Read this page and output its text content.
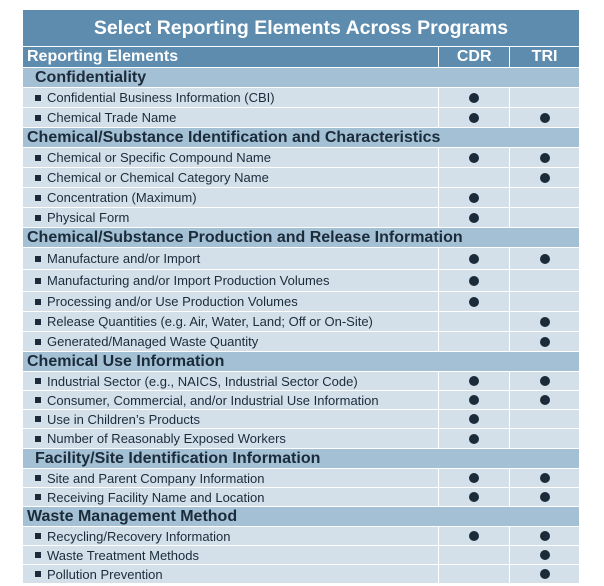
Select Reporting Elements Across Programs
Reporting Elements	CDR	TRI
Confidentiality
Confidential Business Information (CBI)
Chemical Trade Name
Chemical/Substance Identification and Characteristics
Chemical or Specific Compound Name
Chemical or Chemical Category Name
Concentration (Maximum)
Physical Form
Chemical/Substance Production and Release Information
Manufacture and/or Import
Manufacturing and/or Import Production Volumes
Processing and/or Use Production Volumes
Release Quantities (e.g. Air, Water, Land; Off or On-Site)
Generated/Managed Waste Quantity
Chemical Use Information
Industrial Sector (e.g., NAICS, Industrial Sector Code)
Consumer, Commercial, and/or Industrial Use Information
Use in Children’s Products
Number of Reasonably Exposed Workers
Facility/Site Identification Information
Site and Parent Company Information
Receiving Facility Name and Location
Waste Management Method
Recycling/Recovery Information
Waste Treatment Methods
Pollution Prevention
